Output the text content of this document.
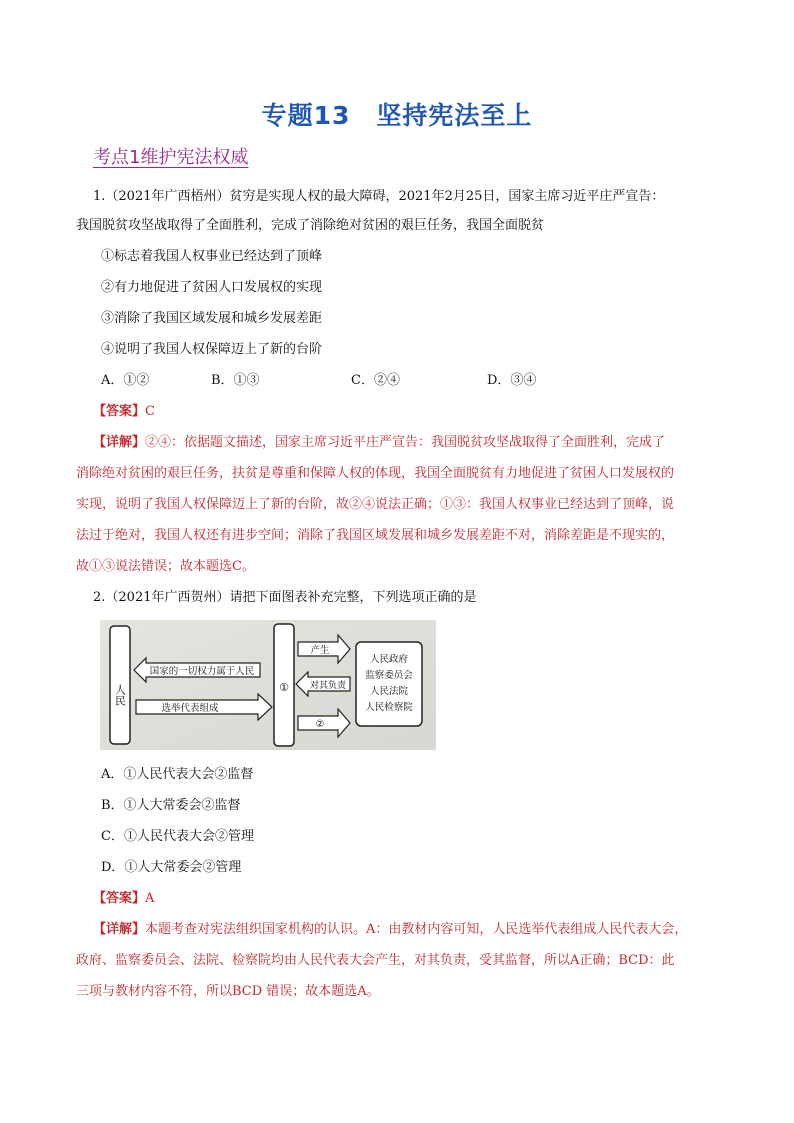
专题13 坚持宪法至上
考点1维护宪法权威
1.（2021年广西梧州）贫穷是实现人权的最大障碍，2021年2月25日，国家主席习近平庄严宣告：
我国脱贫攻坚战取得了全面胜利，完成了消除绝对贫困的艰巨任务，我国全面脱贫
①标志着我国人权事业已经达到了顶峰
②有力地促进了贫困人口发展权的实现
③消除了我国区域发展和城乡发展差距
④说明了我国人权保障迈上了新的台阶
A．①②	B．①③	C．②④	D．③④
【答案】C
【详解】②④：依据题文描述，国家主席习近平庄严宣告：我国脱贫攻坚战取得了全面胜利，完成了
消除绝对贫困的艰巨任务，扶贫是尊重和保障人权的体现，我国全面脱贫有力地促进了贫困人口发展权的
实现，说明了我国人权保障迈上了新的台阶，故②④说法正确；①③：我国人权事业已经达到了顶峰，说
法过于绝对，我国人权还有进步空间；消除了我国区域发展和城乡发展差距不对，消除差距是不现实的，
故①③说法错误；故本题选C。
2.（2021年广西贺州）请把下面图表补充完整，下列选项正确的是
人民
国家的一切权力属于人民
选举代表组成
①
产生
对其负责
②
人民政府
监察委员会
人民法院
人民检察院
A．①人民代表大会②监督
B．①人大常委会②监督
C．①人民代表大会②管理
D．①人大常委会②管理
【答案】A
【详解】本题考查对宪法组织国家机构的认识。A：由教材内容可知，人民选举代表组成人民代表大会，
政府、监察委员会、法院、检察院均由人民代表大会产生，对其负责，受其监督，所以A正确；BCD：此
三项与教材内容不符，所以BCD 错误；故本题选A。
